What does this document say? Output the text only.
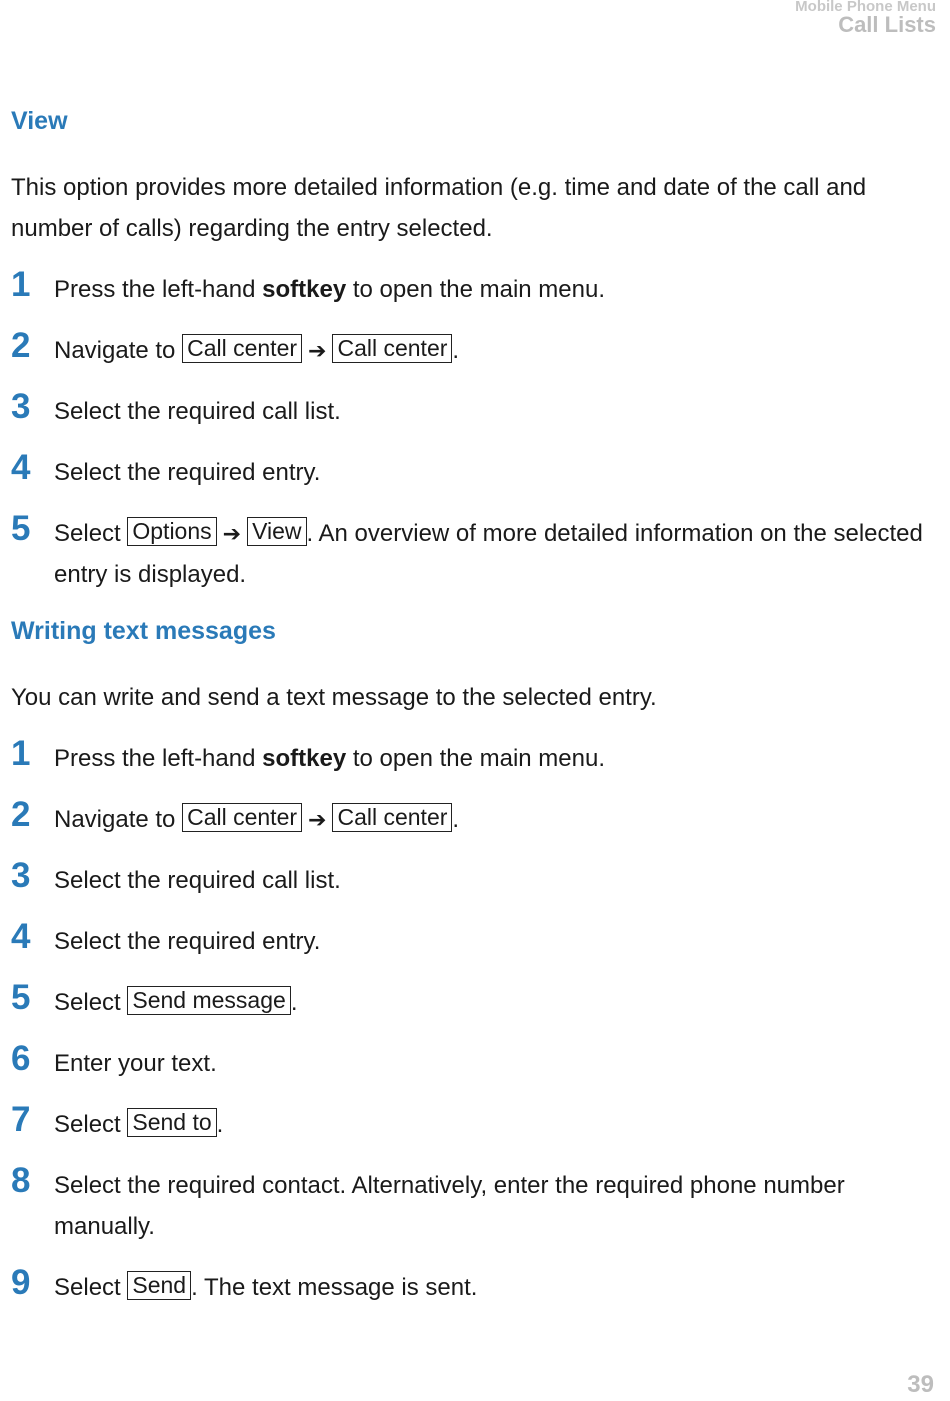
Mobile Phone Menu
Call Lists
View

This option provides more detailed information (e.g. time and date of the call and number of calls) regarding the entry selected.

1 Press the left-hand softkey to open the main menu.
2 Navigate to Call center ➔ Call center .
3 Select the required call list.
4 Select the required entry.
5 Select Options ➔ View . An overview of more detailed information on the selected entry is displayed.
Writing text messages

You can write and send a text message to the selected entry.

1 Press the left-hand softkey to open the main menu.
2 Navigate to Call center ➔ Call center .
3 Select the required call list.
4 Select the required entry.
5 Select Send message .
6 Enter your text.
7 Select Send to .
8 Select the required contact. Alternatively, enter the required phone number manually.
9 Select Send . The text message is sent.
39
